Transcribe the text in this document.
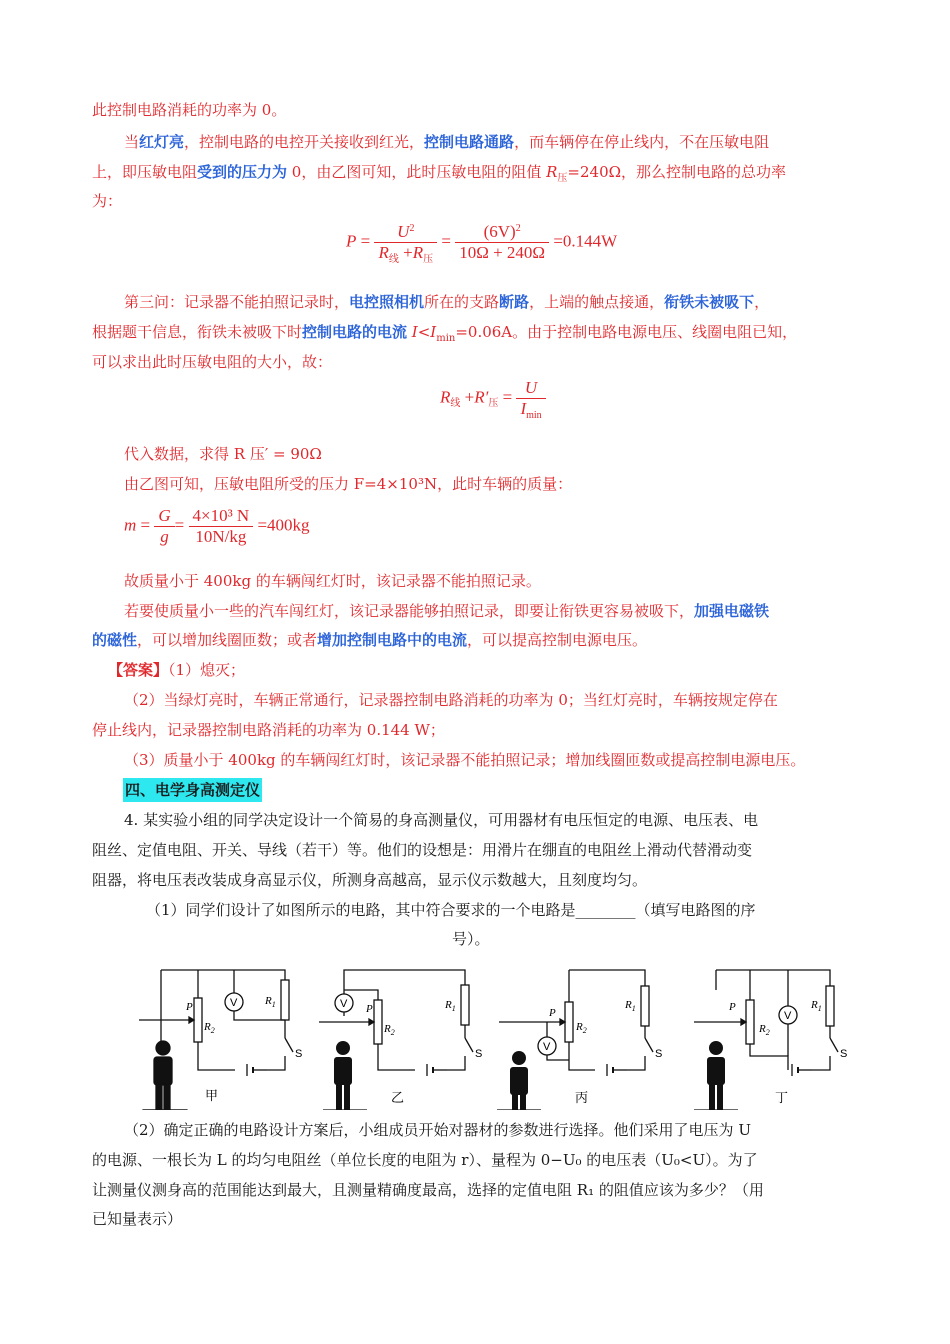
此控制电路消耗的功率为 0。
当红灯亮，控制电路的电控开关接收到红光，控制电路通路，而车辆停在停止线内，不在压敏电阻
上，即压敏电阻受到的压力为 0，由乙图可知，此时压敏电阻的阻值 $R_压=240\Omega$，那么控制电路的总功率
为：
$P = \frac{U^2}{R_线 +R_压} = \frac{(6V)^2}{10\Omega + 240\Omega} =0.144W$
第三问：记录器不能拍照记录时，电控照相机所在的支路断路，上端的触点接通，衔铁未被吸下，
根据题干信息，衔铁未被吸下时控制电路的电流 $I<I_{min}=0.06A$。由于控制电路电源电压、线圈电阻已知，
可以求出此时压敏电阻的大小，故：
$R_线 +R'_压 = \frac{U}{I_{min}}$
代入数据，求得 R 压′ = 90Ω
由乙图可知，压敏电阻所受的压力 F=4×10³N，此时车辆的质量：
$m = \frac{G}{g} = \frac{\text{4×10³ N}}{10N/kg} =400kg$
故质量小于 400kg 的车辆闯红灯时，该记录器不能拍照记录。
若要使质量小一些的汽车闯红灯，该记录器能够拍照记录，即要让衔铁更容易被吸下，加强电磁铁
的磁性，可以增加线圈匝数；或者增加控制电路中的电流，可以提高控制电源电压。
【答案】（1）熄灭；
（2）当绿灯亮时，车辆正常通行，记录器控制电路消耗的功率为 0；当红灯亮时，车辆按规定停在
停止线内，记录器控制电路消耗的功率为 0.144 W；
（3）质量小于 400kg 的车辆闯红灯时，该记录器不能拍照记录；增加线圈匝数或提高控制电源电压。
四、电学身高测定仪
4. 某实验小组的同学决定设计一个简易的身高测量仪，可用器材有电压恒定的电源、电压表、电
阻丝、定值电阻、开关、导线（若干）等。他们的设想是：用滑片在绷直的电阻丝上滑动代替滑动变
阻器，将电压表改装成身高显示仪，所测身高越高，显示仪示数越大，且刻度均匀。
（1）同学们设计了如图所示的电路，其中符合要求的一个电路是________（填写电路图的序
号）。
P
$R_2$
V	$R_1$
S
甲
V P
$R_2$
$R_1$
S
乙
P
$R_2$
V
$R_1$
S
丙
P
$R_2$
V
$R_1$
S
丁
（2）确定正确的电路设计方案后，小组成员开始对器材的参数进行选择。他们采用了电压为 U
的电源、一根长为 L 的均匀电阻丝（单位长度的电阻为 r）、量程为 0−U₀ 的电压表（U₀<U）。为了
让测量仪测身高的范围能达到最大，且测量精确度最高，选择的定值电阻 R₁ 的阻值应该为多少？（用
已知量表示）
